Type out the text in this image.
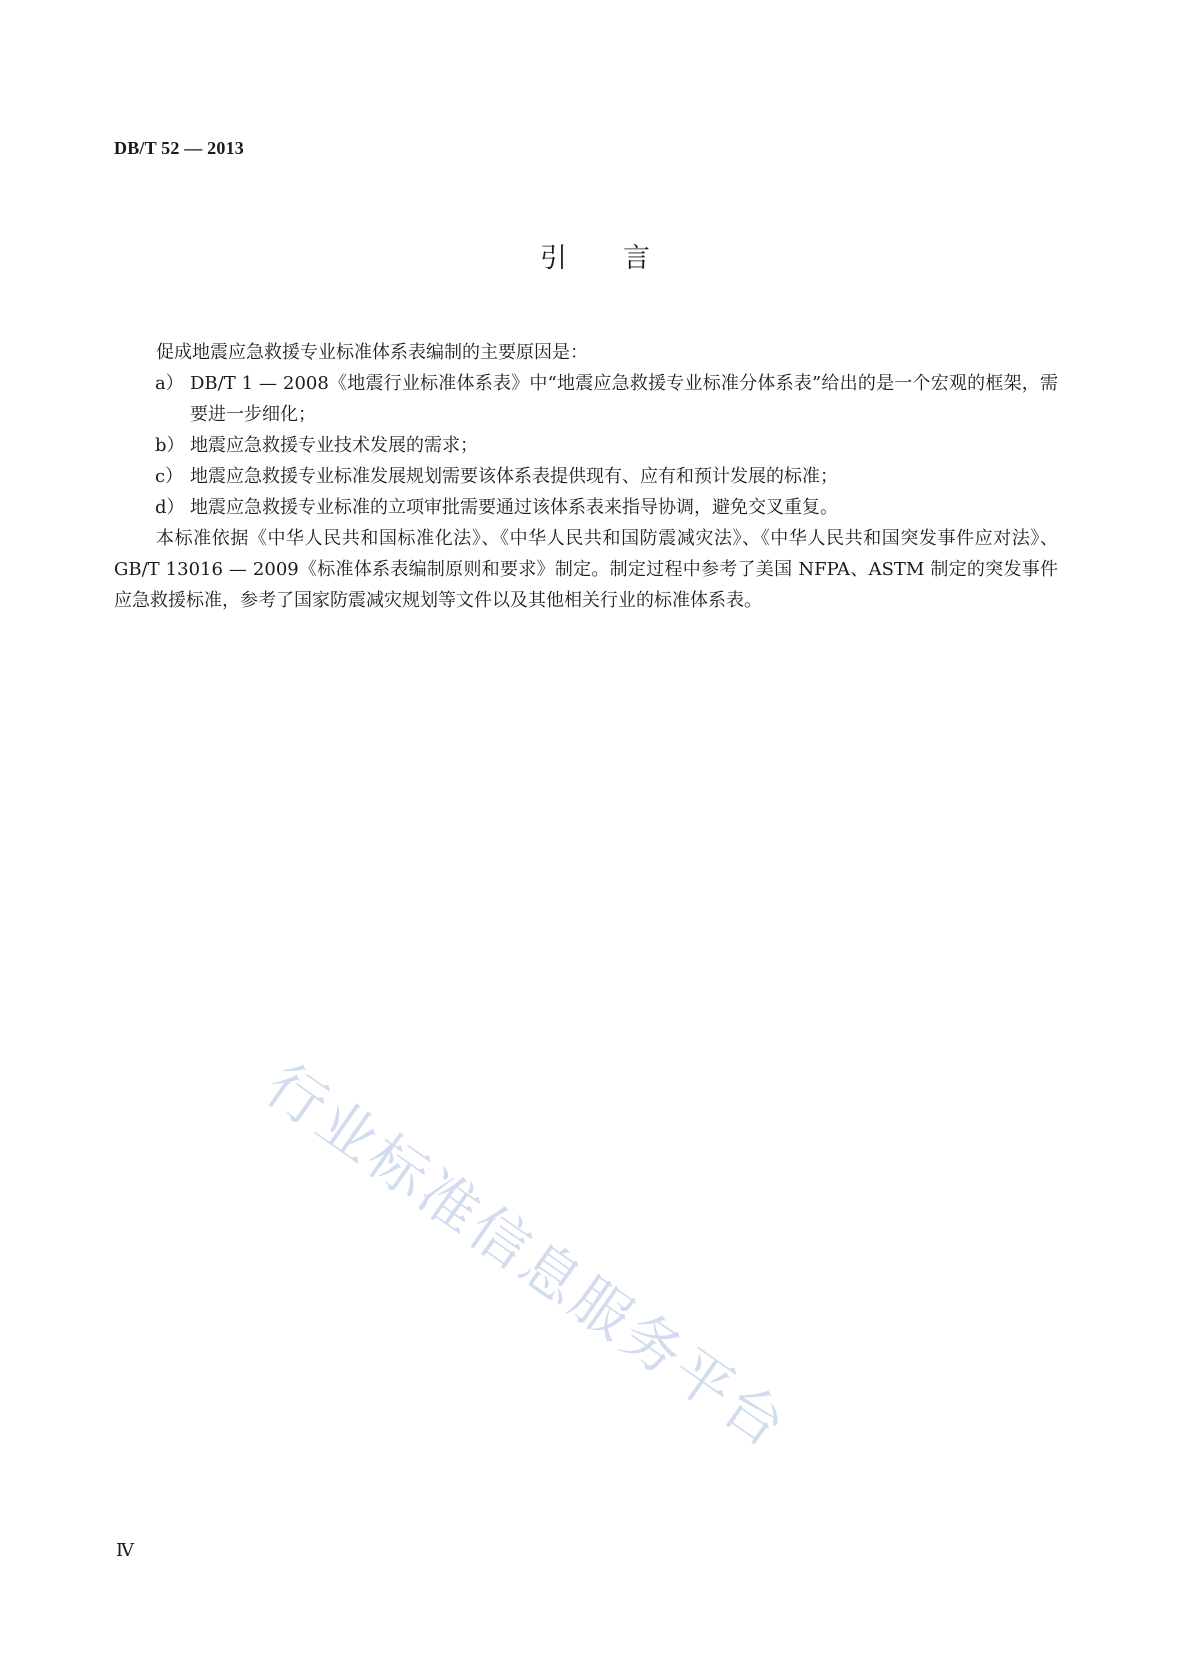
DB/T 52 — 2013
引言

促成地震应急救援专业标准体系表编制的主要原因是：

a） DB/T 1 — 2008《地震行业标准体系表》中“地震应急救援专业标准分体系表”给出的是一个宏观的框架，需要进一步细化；

b） 地震应急救援专业技术发展的需求；

c） 地震应急救援专业标准发展规划需要该体系表提供现有、应有和预计发展的标准；

d） 地震应急救援专业标准的立项审批需要通过该体系表来指导协调，避免交叉重复。

本标准依据《中华人民共和国标准化法》、《中华人民共和国防震减灾法》、《中华人民共和国突发事件应对法》、GB/T 13016 — 2009《标准体系表编制原则和要求》制定。制定过程中参考了美国 NFPA、ASTM 制定的突发事件应急救援标准，参考了国家防震减灾规划等文件以及其他相关行业的标准体系表。

行业标准信息服务平台
Ⅳ
